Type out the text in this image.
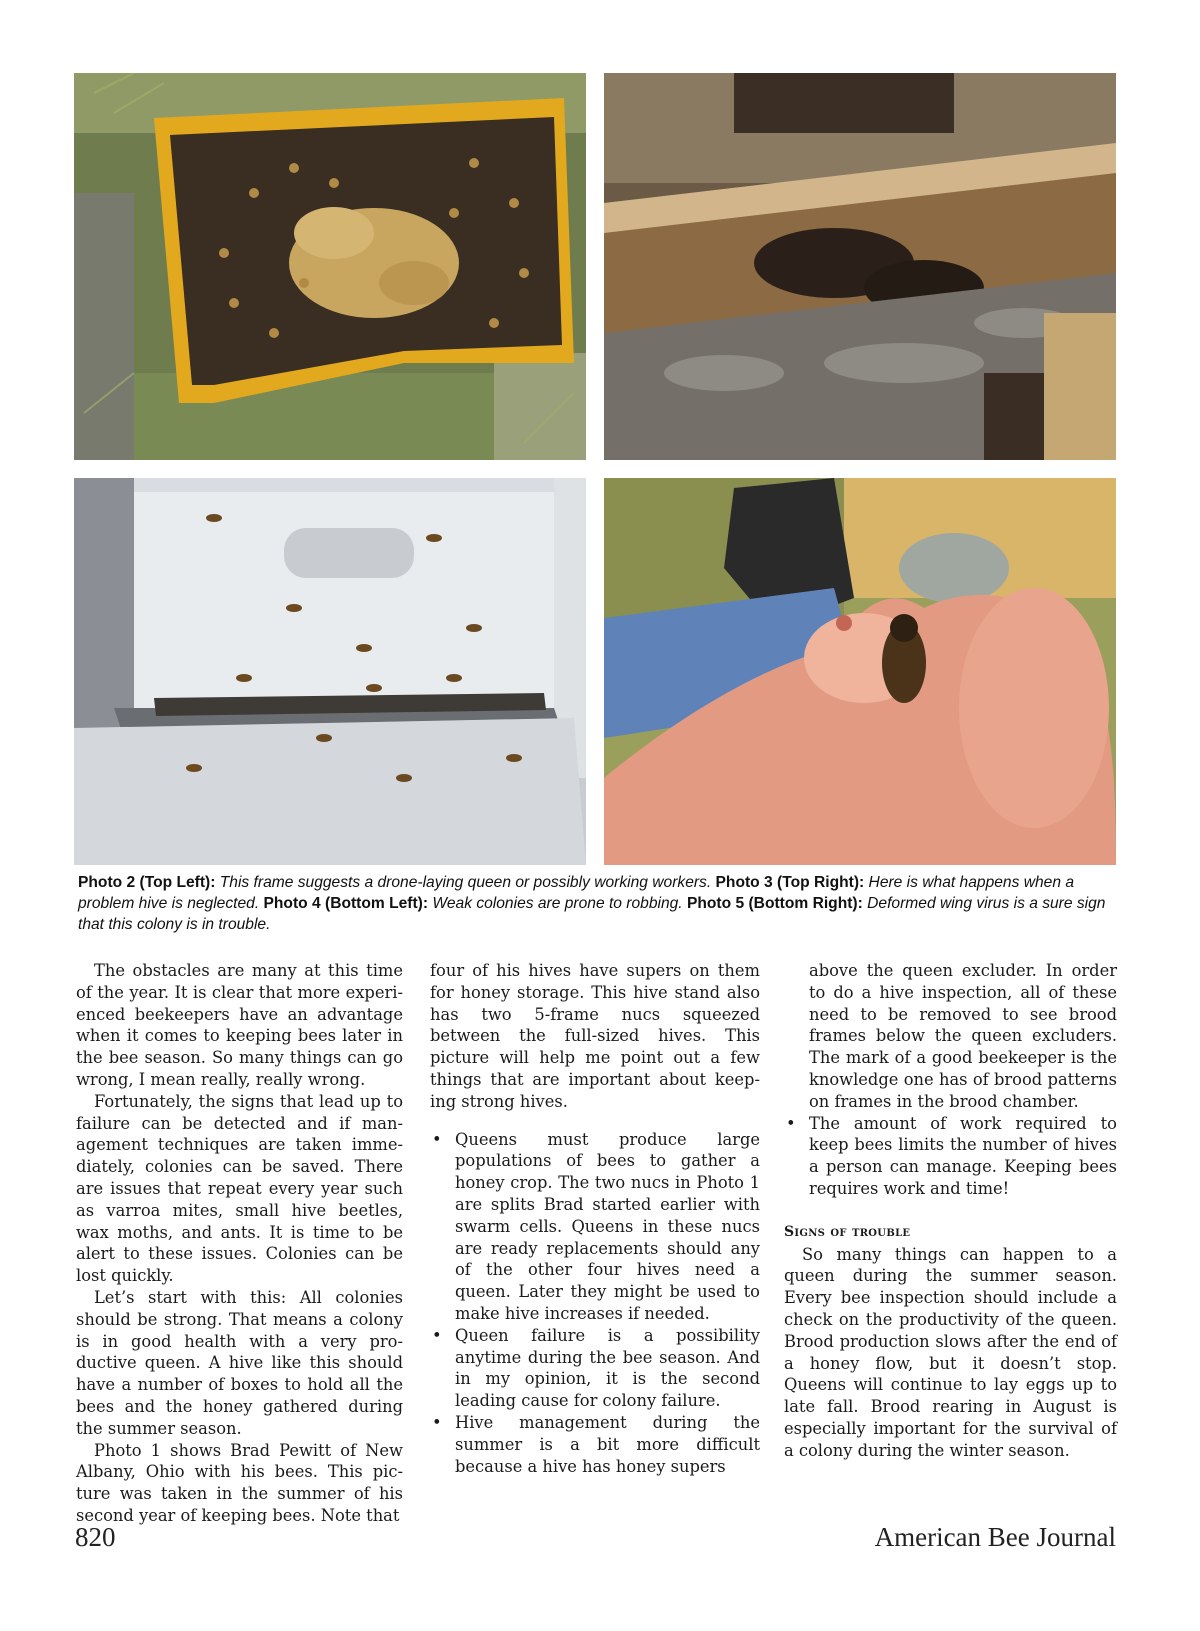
Photo 2 (Top Left): This frame suggests a drone-laying queen or possibly working workers. Photo 3 (Top Right): Here is what happens when a problem hive is neglected. Photo 4 (Bottom Left): Weak colonies are prone to robbing. Photo 5 (Bottom Right): Deformed wing virus is a sure sign that this colony is in trouble.

The obstacles are many at this time of the year. It is clear that more experienced beekeepers have an advantage when it comes to keeping bees later in the bee season. So many things can go wrong, I mean really, really wrong.

Fortunately, the signs that lead up to failure can be detected and if management techniques are taken immediately, colonies can be saved. There are issues that repeat every year such as varroa mites, small hive beetles, wax moths, and ants. It is time to be alert to these issues. Colonies can be lost quickly.

Let’s start with this: All colonies should be strong. That means a colony is in good health with a very productive queen. A hive like this should have a number of boxes to hold all the bees and the honey gathered during the summer season.

Photo 1 shows Brad Pewitt of New Albany, Ohio with his bees. This picture was taken in the summer of his second year of keeping bees. Note that

four of his hives have supers on them for honey storage. This hive stand also has two 5-frame nucs squeezed between the full-sized hives. This picture will help me point out a few things that are important about keeping strong hives.

• Queens must produce large populations of bees to gather a honey crop. The two nucs in Photo 1 are splits Brad started earlier with swarm cells. Queens in these nucs are ready replacements should any of the other four hives need a queen. Later they might be used to make hive increases if needed.
• Queen failure is a possibility anytime during the bee season. And in my opinion, it is the second leading cause for colony failure.
• Hive management during the summer is a bit more difficult because a hive has honey supers
above the queen excluder. In order to do a hive inspection, all of these need to be removed to see brood frames below the queen excluders. The mark of a good beekeeper is the knowledge one has of brood patterns on frames in the brood chamber.
• The amount of work required to keep bees limits the number of hives a person can manage. Keeping bees requires work and time!
Signs of trouble

So many things can happen to a queen during the summer season. Every bee inspection should include a check on the productivity of the queen. Brood production slows after the end of a honey flow, but it doesn’t stop. Queens will continue to lay eggs up to late fall. Brood rearing in August is especially important for the survival of a colony during the winter season.

820	American Bee Journal
